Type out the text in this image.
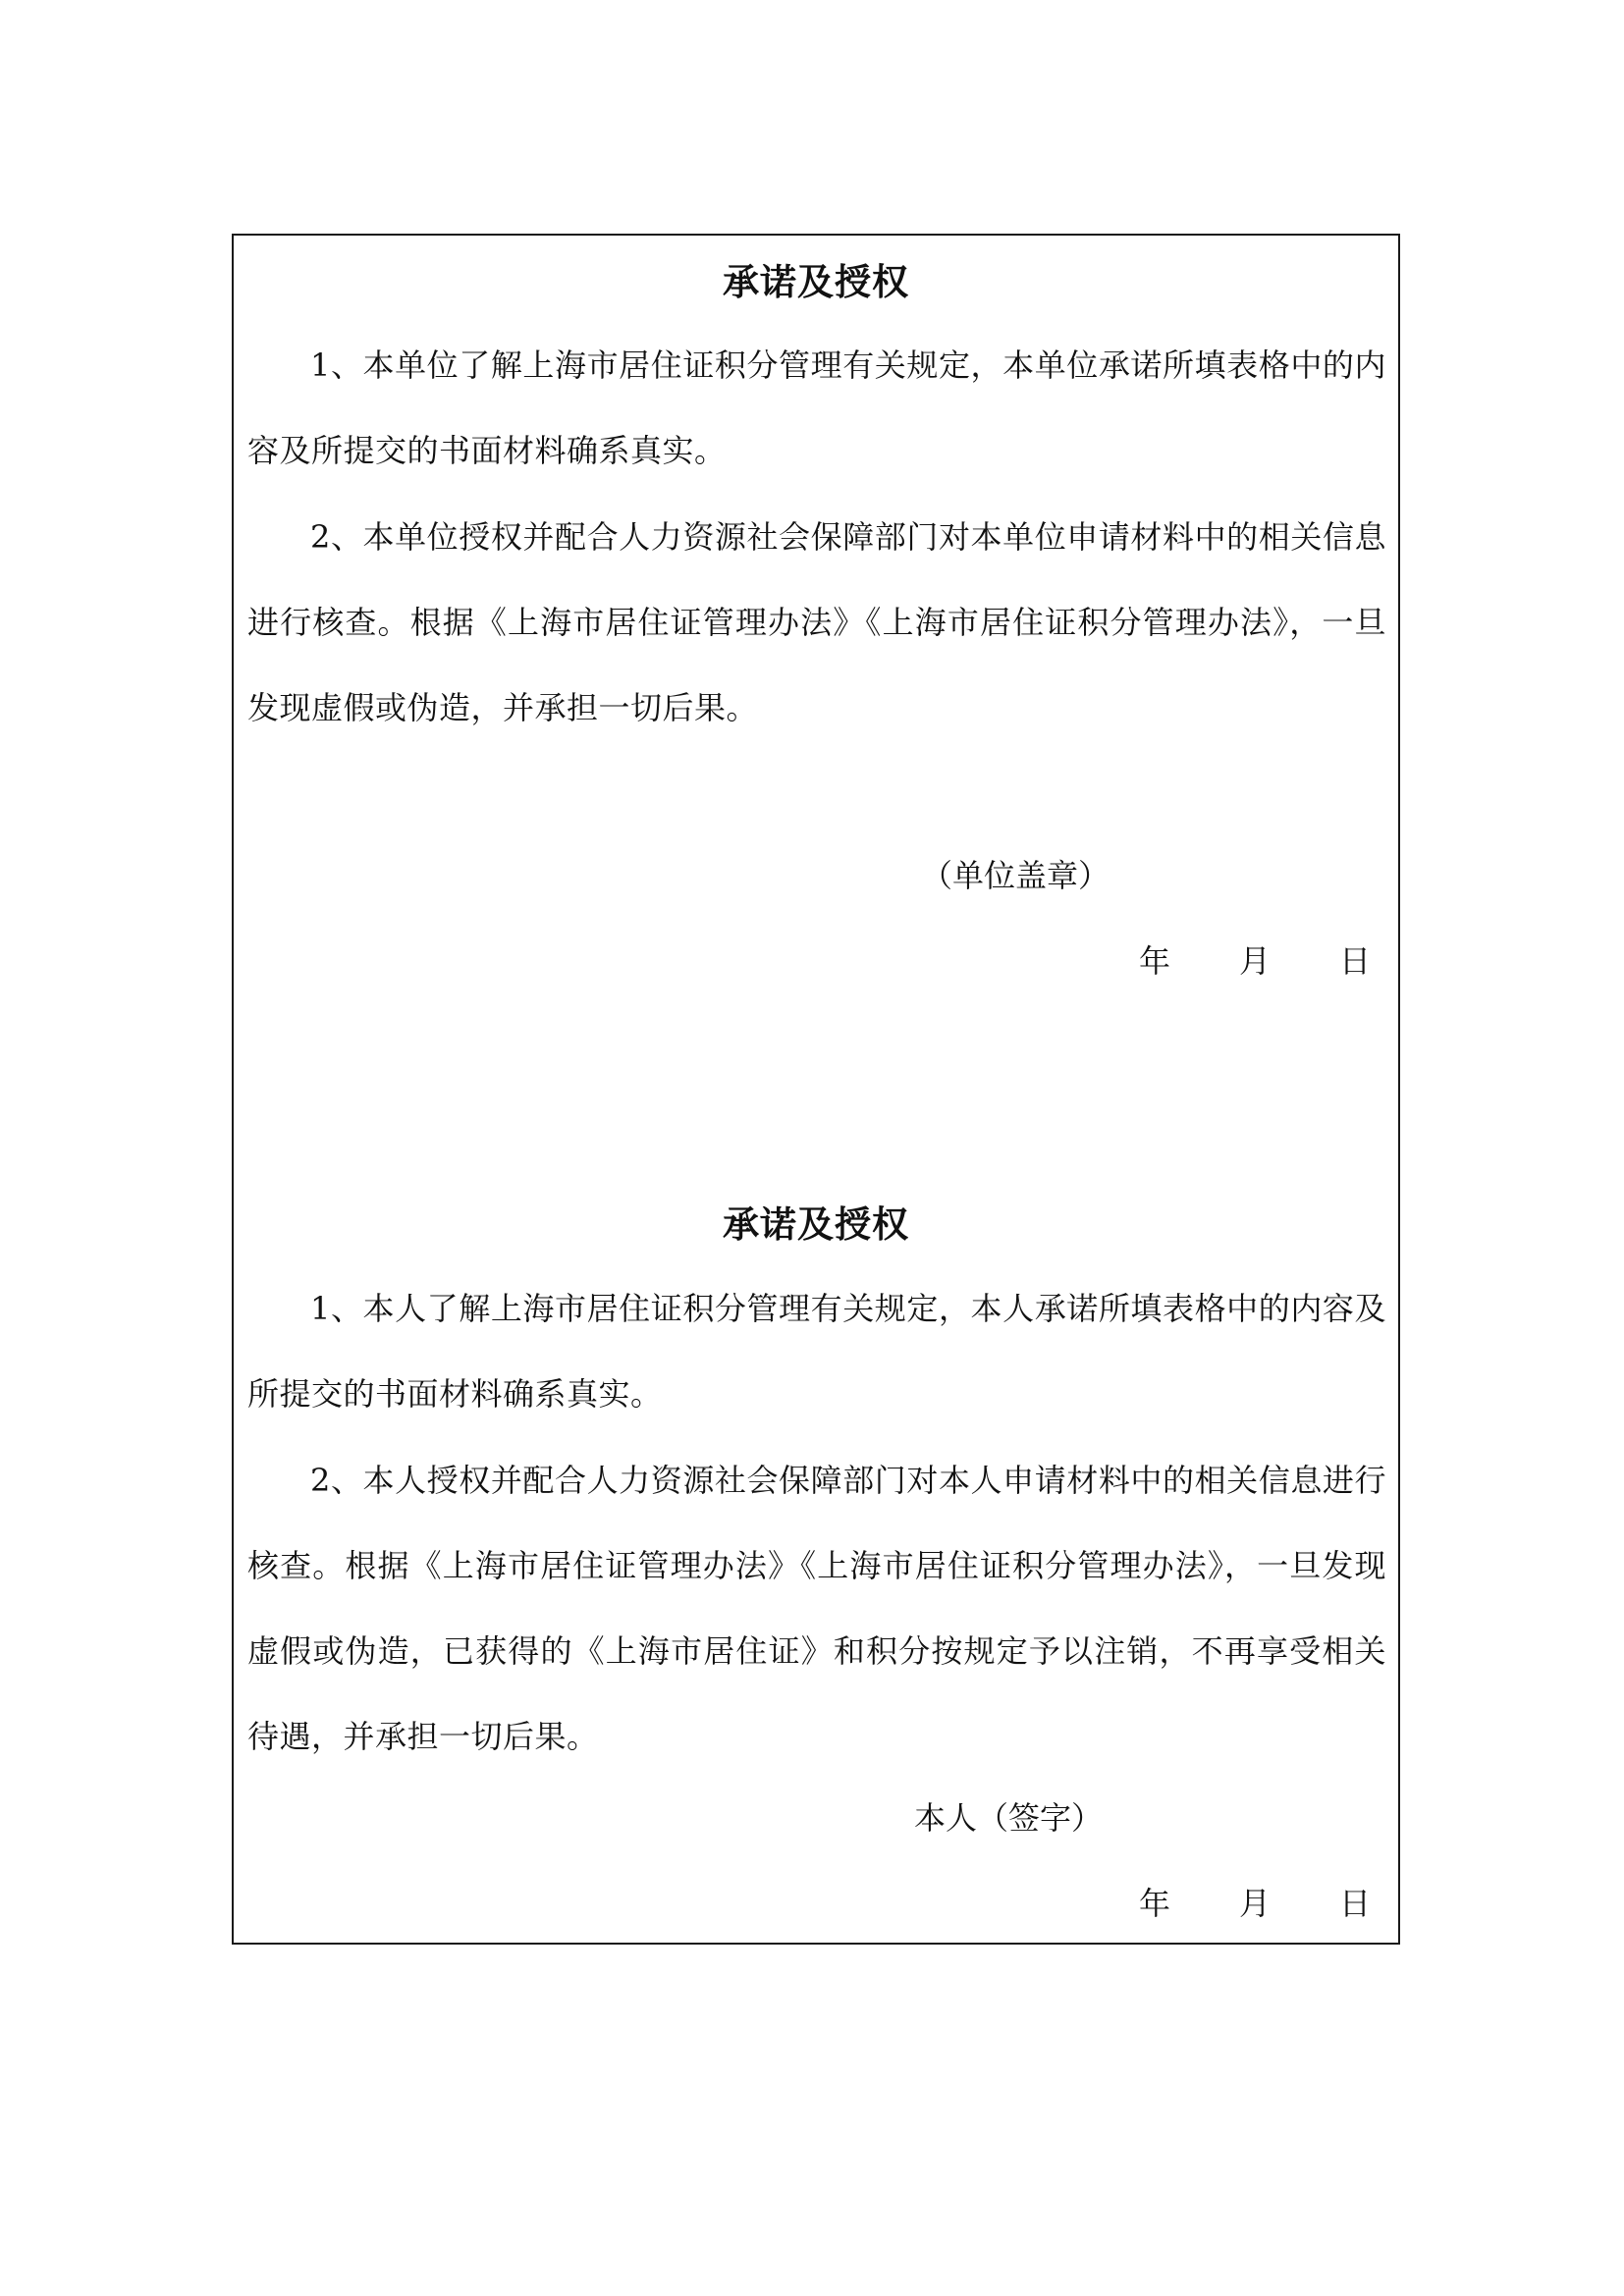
承诺及授权
1、本单位了解上海市居住证积分管理有关规定，本单位承诺所填表格中的内容及所提交的书面材料确系真实。
2、本单位授权并配合人力资源社会保障部门对本单位申请材料中的相关信息进行核查。根据《上海市居住证管理办法》《上海市居住证积分管理办法》，一旦发现虚假或伪造，并承担一切后果。
（单位盖章）
年 月 日
承诺及授权
1、本人了解上海市居住证积分管理有关规定，本人承诺所填表格中的内容及所提交的书面材料确系真实。
2、本人授权并配合人力资源社会保障部门对本人申请材料中的相关信息进行核查。根据《上海市居住证管理办法》《上海市居住证积分管理办法》，一旦发现虚假或伪造，已获得的《上海市居住证》和积分按规定予以注销，不再享受相关待遇，并承担一切后果。
本人（签字）
年 月 日
